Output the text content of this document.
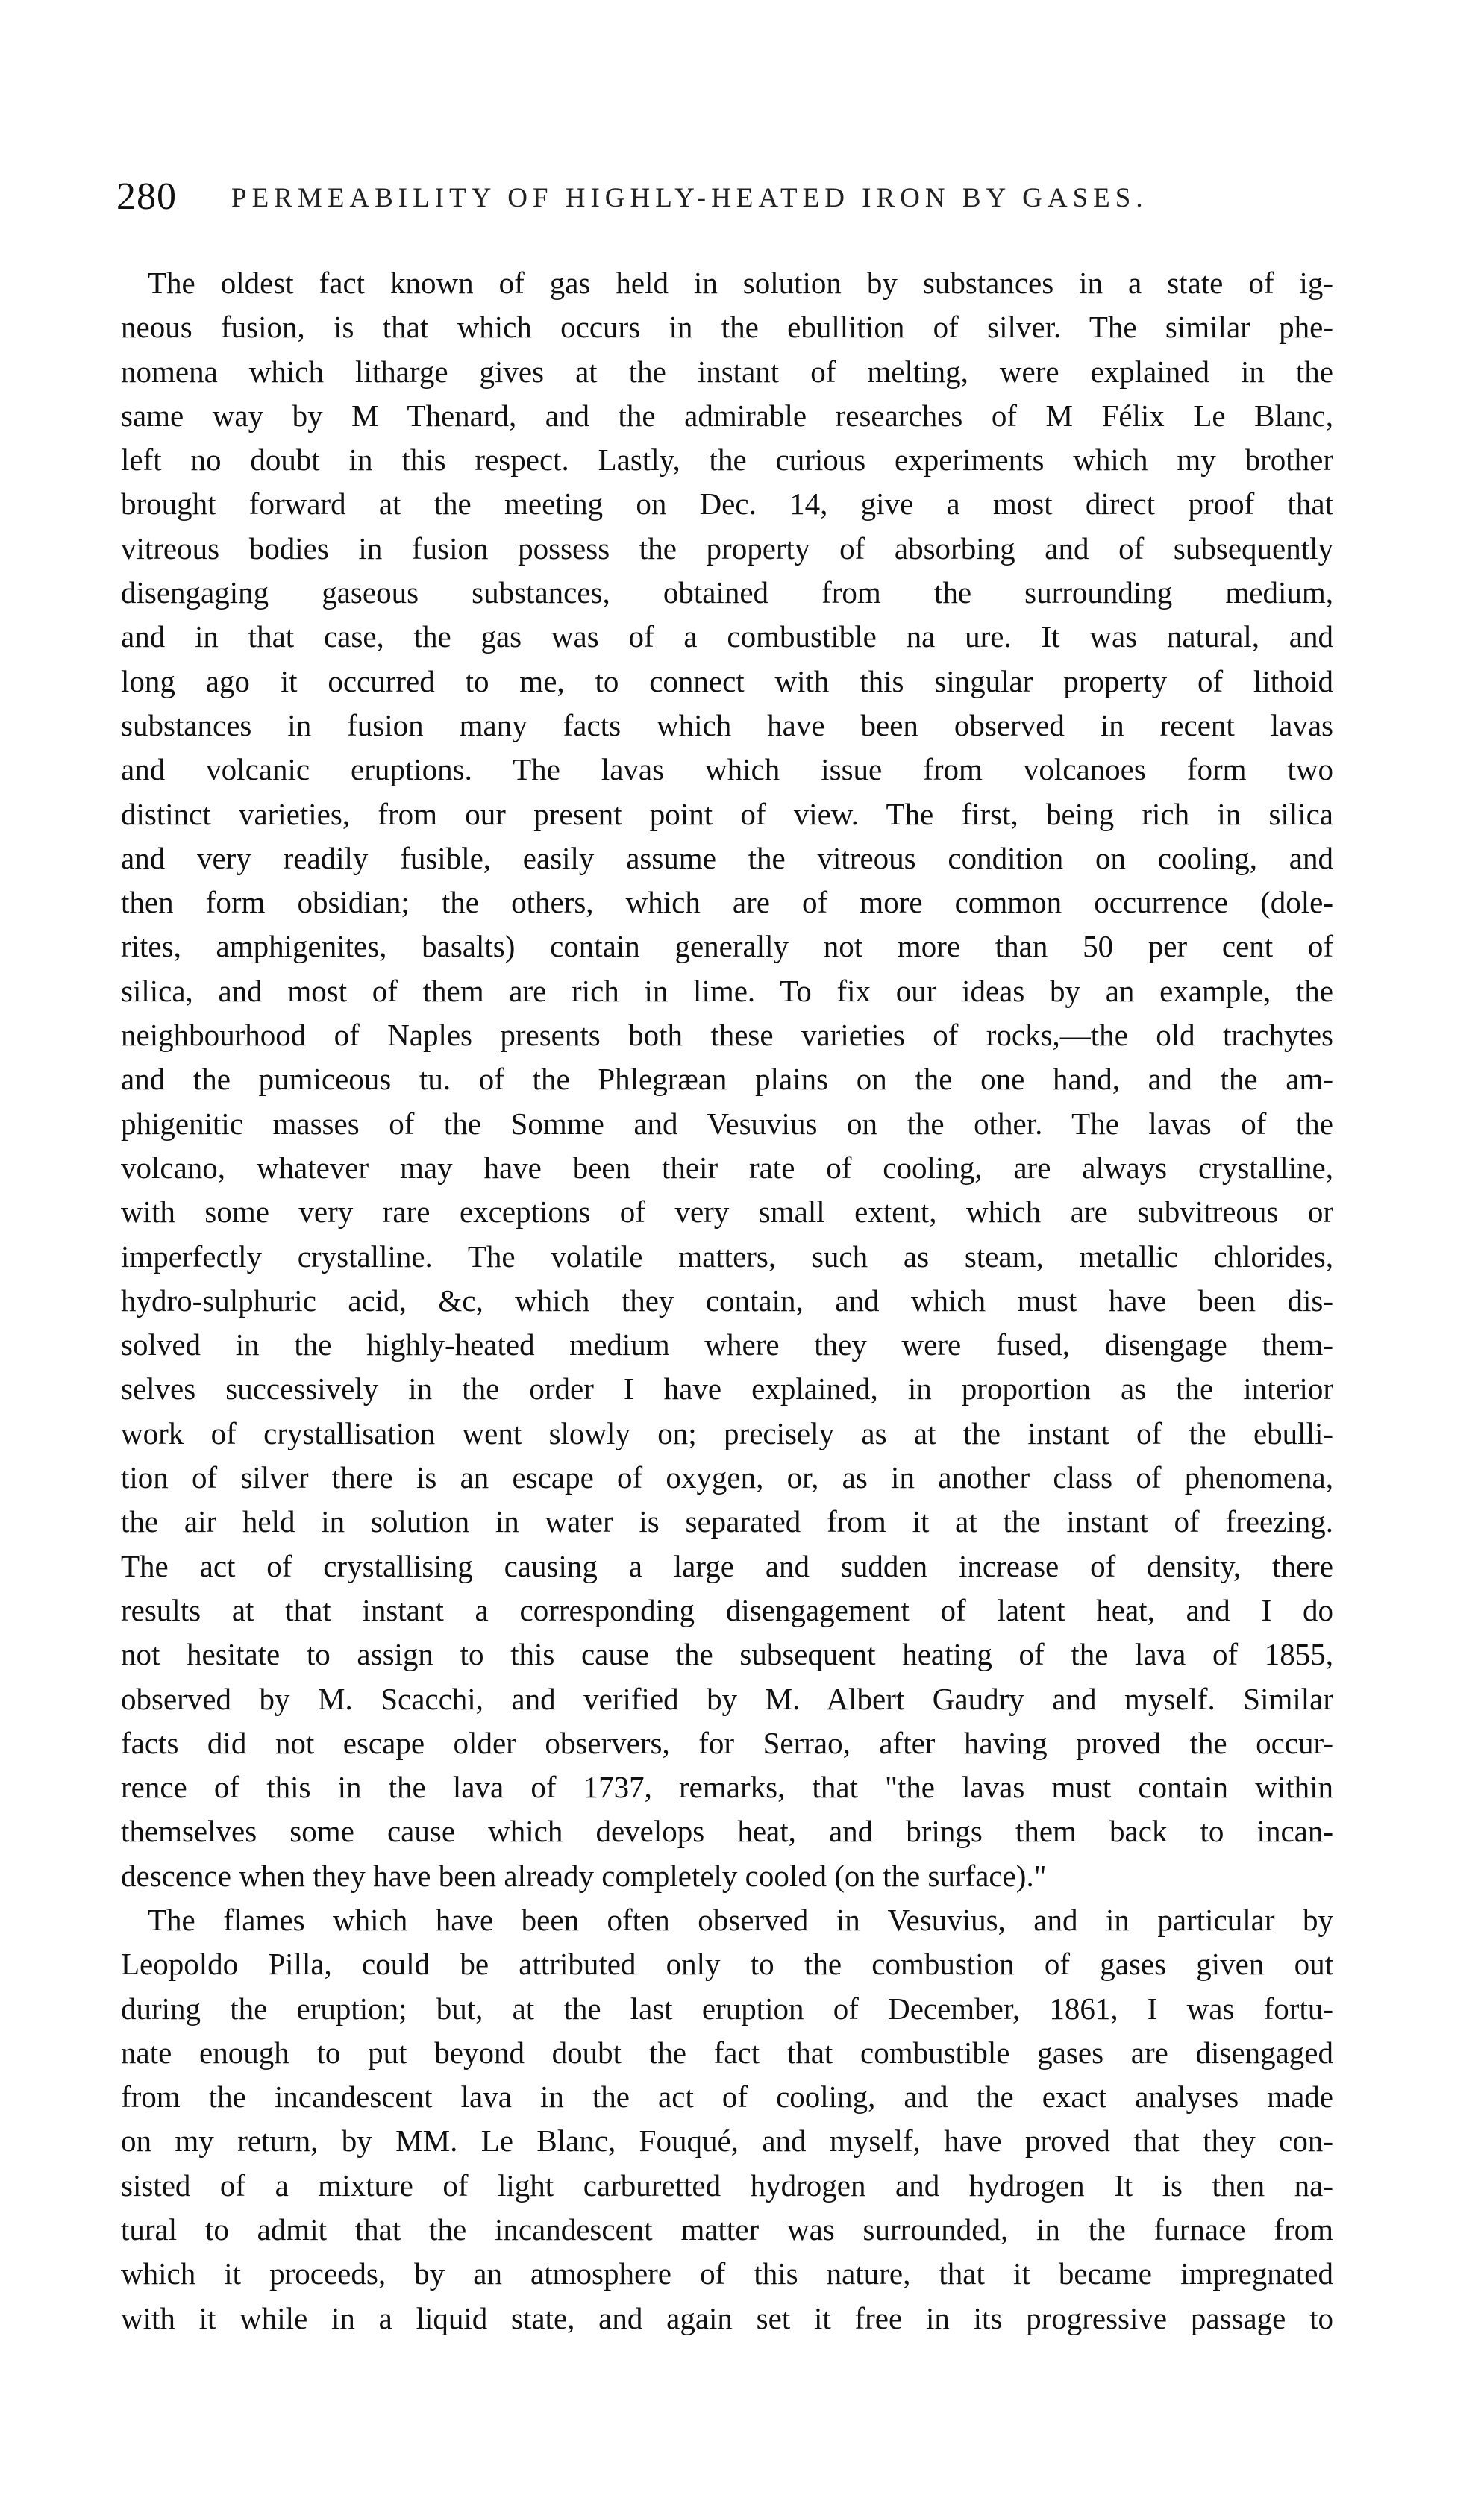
280 PERMEABILITY OF HIGHLY-HEATED IRON BY GASES.
The oldest fact known of gas held in solution by substances in a state of ig-
neous fusion, is that which occurs in the ebullition of silver. The similar phe-
nomena which litharge gives at the instant of melting, were explained in the
same way by M Thenard, and the admirable researches of M Félix Le Blanc,
left no doubt in this respect. Lastly, the curious experiments which my brother
brought forward at the meeting on Dec. 14, give a most direct proof that
vitreous bodies in fusion possess the property of absorbing and of subsequently
disengaging gaseous substances, obtained from the surrounding medium,
and in that case, the gas was of a combustible na ure. It was natural, and
long ago it occurred to me, to connect with this singular property of lithoid
substances in fusion many facts which have been observed in recent lavas
and volcanic eruptions. The lavas which issue from volcanoes form two
distinct varieties, from our present point of view. The first, being rich in silica
and very readily fusible, easily assume the vitreous condition on cooling, and
then form obsidian; the others, which are of more common occurrence (dole-
rites, amphigenites, basalts) contain generally not more than 50 per cent of
silica, and most of them are rich in lime. To fix our ideas by an example, the
neighbourhood of Naples presents both these varieties of rocks,—the old trachytes
and the pumiceous tu. of the Phlegræan plains on the one hand, and the am-
phigenitic masses of the Somme and Vesuvius on the other. The lavas of the
volcano, whatever may have been their rate of cooling, are always crystalline,
with some very rare exceptions of very small extent, which are subvitreous or
imperfectly crystalline. The volatile matters, such as steam, metallic chlorides,
hydro-sulphuric acid, &c, which they contain, and which must have been dis-
solved in the highly-heated medium where they were fused, disengage them-
selves successively in the order I have explained, in proportion as the interior
work of crystallisation went slowly on; precisely as at the instant of the ebulli-
tion of silver there is an escape of oxygen, or, as in another class of phenomena,
the air held in solution in water is separated from it at the instant of freezing.
The act of crystallising causing a large and sudden increase of density, there
results at that instant a corresponding disengagement of latent heat, and I do
not hesitate to assign to this cause the subsequent heating of the lava of 1855,
observed by M. Scacchi, and verified by M. Albert Gaudry and myself. Similar
facts did not escape older observers, for Serrao, after having proved the occur-
rence of this in the lava of 1737, remarks, that "the lavas must contain within
themselves some cause which develops heat, and brings them back to incan-
descence when they have been already completely cooled (on the surface)."
The flames which have been often observed in Vesuvius, and in particular by
Leopoldo Pilla, could be attributed only to the combustion of gases given out
during the eruption; but, at the last eruption of December, 1861, I was fortu-
nate enough to put beyond doubt the fact that combustible gases are disengaged
from the incandescent lava in the act of cooling, and the exact analyses made
on my return, by MM. Le Blanc, Fouqué, and myself, have proved that they con-
sisted of a mixture of light carburetted hydrogen and hydrogen It is then na-
tural to admit that the incandescent matter was surrounded, in the furnace from
which it proceeds, by an atmosphere of this nature, that it became impregnated
with it while in a liquid state, and again set it free in its progressive passage to
